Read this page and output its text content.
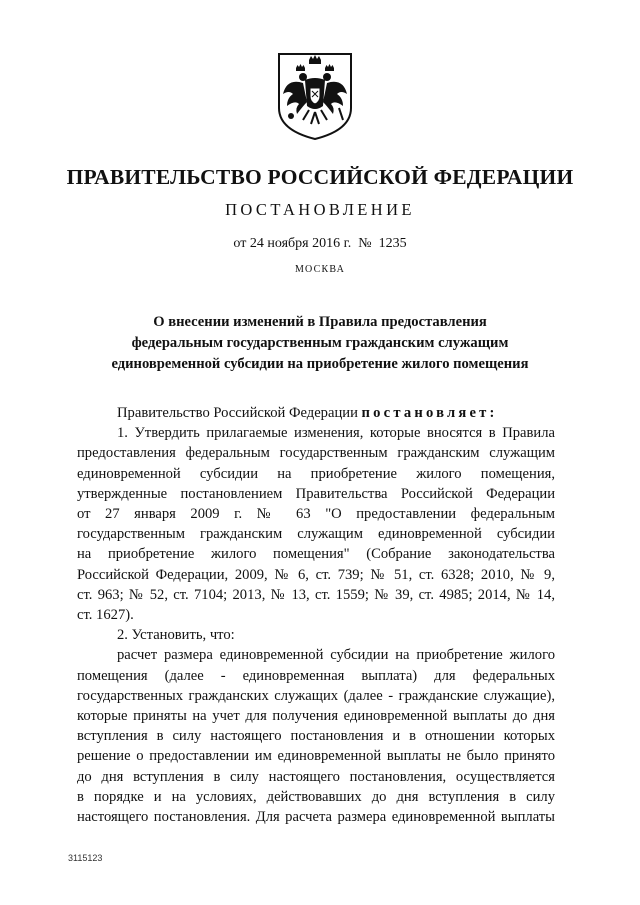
ПРАВИТЕЛЬСТВО РОССИЙСКОЙ ФЕДЕРАЦИИ
ПОСТАНОВЛЕНИЕ
от 24 ноября 2016 г.  №  1235
МОСКВА
О внесении изменений в Правила предоставления
федеральным государственным гражданским служащим
единовременной субсидии на приобретение жилого помещения
Правительство Российской Федерации постановляет:
1. Утвердить прилагаемые изменения, которые вносятся в Правила
предоставления федеральным государственным гражданским служащим
единовременной субсидии на приобретение жилого помещения,
утвержденные постановлением Правительства Российской Федерации
от 27 января 2009 г. № 63 "О предоставлении федеральным
государственным гражданским служащим единовременной субсидии
на приобретение жилого помещения" (Собрание законодательства
Российской Федерации, 2009, № 6, ст. 739; № 51, ст. 6328; 2010, № 9,
ст. 963; № 52, ст. 7104; 2013, № 13, ст. 1559; № 39, ст. 4985; 2014, № 14,
ст. 1627).
2. Установить, что:
расчет размера единовременной субсидии на приобретение жилого
помещения (далее - единовременная выплата) для федеральных
государственных гражданских служащих (далее - гражданские служащие),
которые приняты на учет для получения единовременной выплаты до дня
вступления в силу настоящего постановления и в отношении которых
решение о предоставлении им единовременной выплаты не было принято
до дня вступления в силу настоящего постановления, осуществляется
в порядке и на условиях, действовавших до дня вступления в силу
настоящего постановления. Для расчета размера единовременной выплаты
3115123
